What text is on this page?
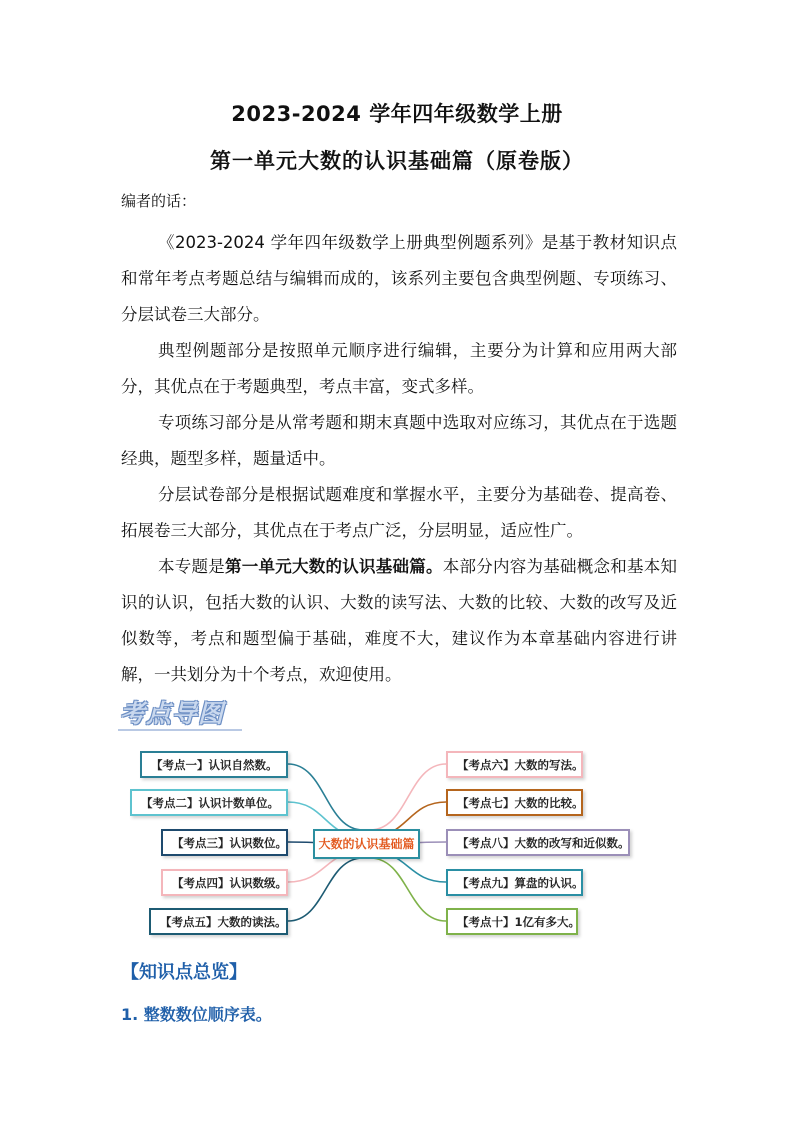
2023-2024 学年四年级数学上册
第一单元大数的认识基础篇（原卷版）
编者的话：

《2023-2024 学年四年级数学上册典型例题系列》是基于教材知识点和常年考点考题总结与编辑而成的，该系列主要包含典型例题、专项练习、分层试卷三大部分。

典型例题部分是按照单元顺序进行编辑，主要分为计算和应用两大部分，其优点在于考题典型，考点丰富，变式多样。

专项练习部分是从常考题和期末真题中选取对应练习，其优点在于选题经典，题型多样，题量适中。

分层试卷部分是根据试题难度和掌握水平，主要分为基础卷、提高卷、拓展卷三大部分，其优点在于考点广泛，分层明显，适应性广。

本专题是第一单元大数的认识基础篇。本部分内容为基础概念和基本知识的认识，包括大数的认识、大数的读写法、大数的比较、大数的改写及近似数等，考点和题型偏于基础，难度不大，建议作为本章基础内容进行讲解，一共划分为十个考点，欢迎使用。

考点导图
大数的认识基础篇
【考点一】认识自然数。
【考点二】认识计数单位。
【考点三】认识数位。
【考点四】认识数级。
【考点五】大数的读法。
【考点六】大数的写法。
【考点七】大数的比较。
【考点八】大数的改写和近似数。
【考点九】算盘的认识。
【考点十】1亿有多大。
【知识点总览】
1. 整数数位顺序表。
